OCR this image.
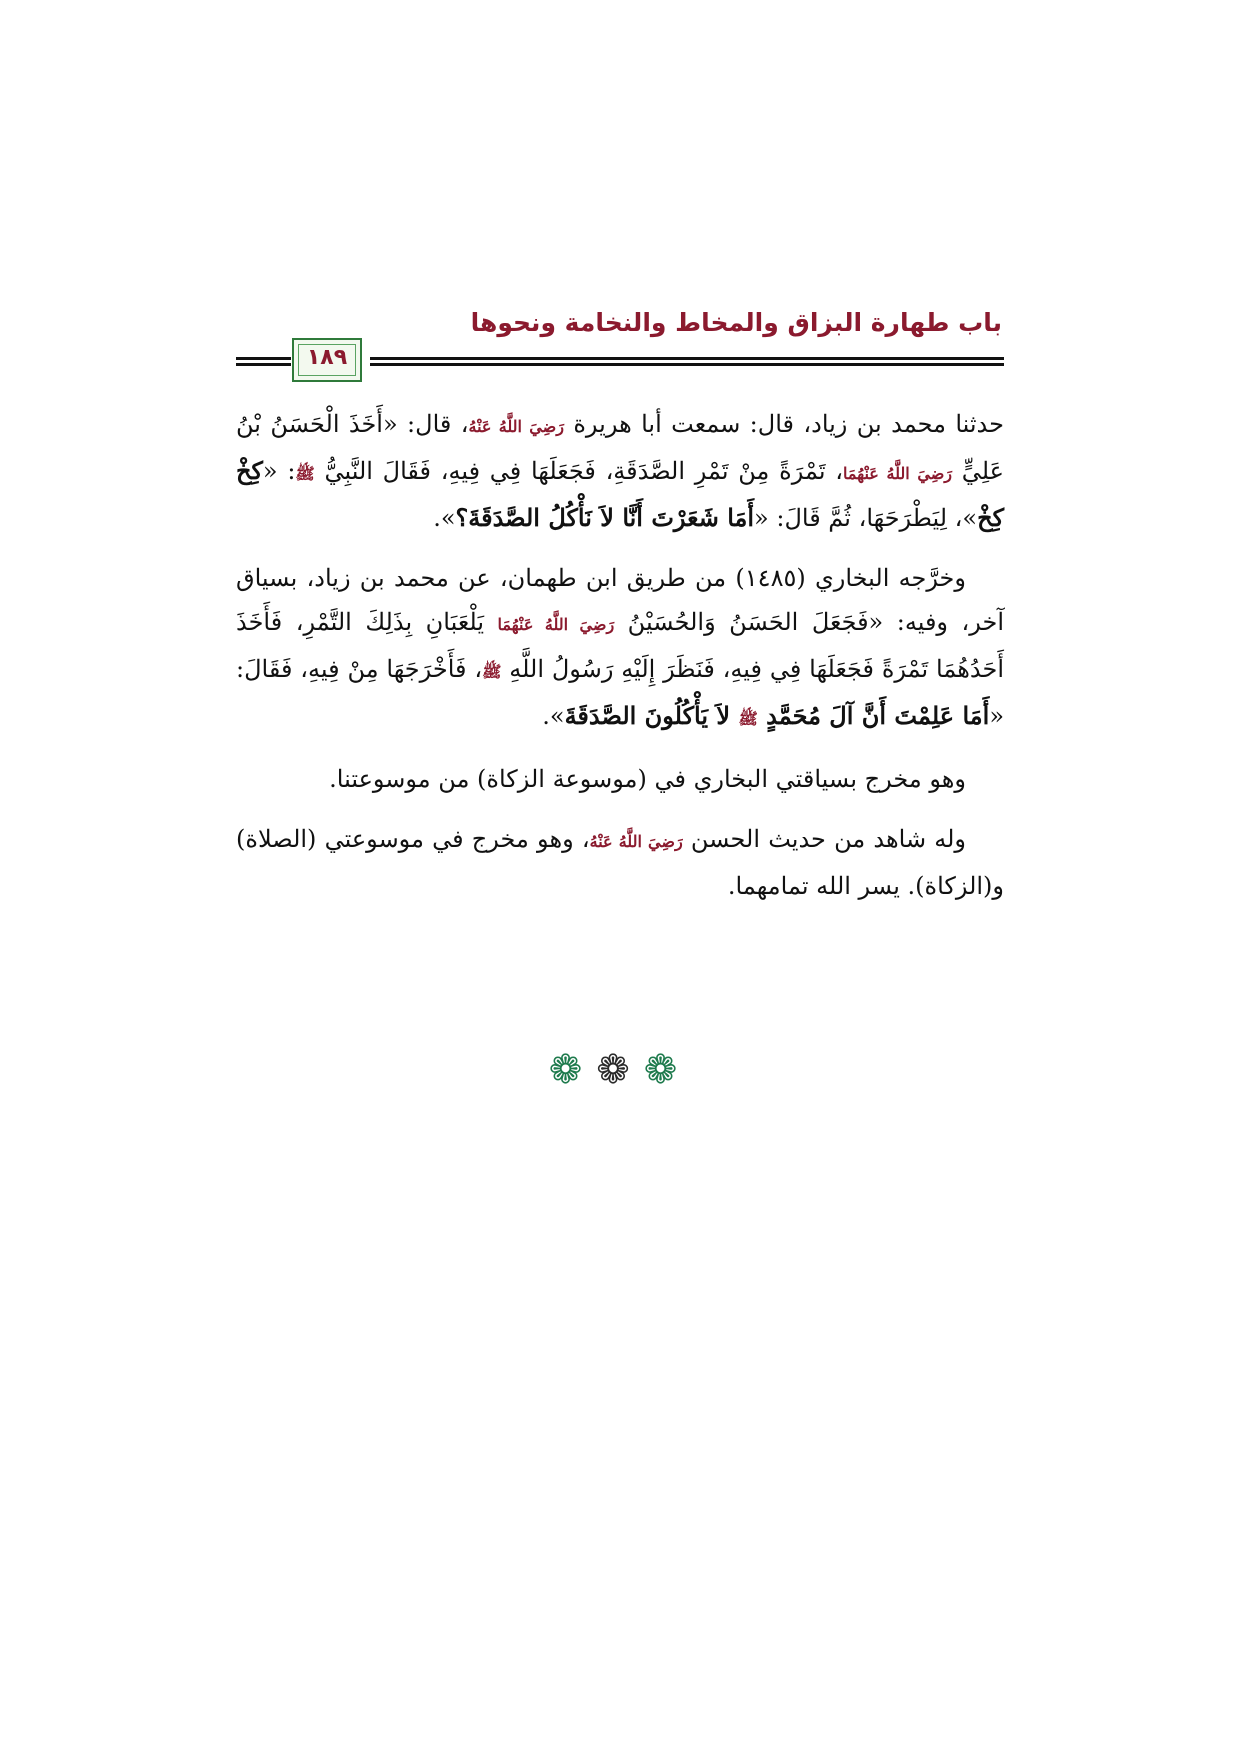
باب طهارة البزاق والمخاط والنخامة ونحوها
١٨٩

حدثنا محمد بن زياد، قال: سمعت أبا هريرة رَضِيَ اللَّهُ عَنْهُ، قال: «أَخَذَ الْحَسَنُ بْنُ عَلِيٍّ رَضِيَ اللَّهُ عَنْهُمَا، تَمْرَةً مِنْ تَمْرِ الصَّدَقَةِ، فَجَعَلَهَا فِي فِيهِ، فَقَالَ النَّبِيُّ ﷺ: «كِخْ كِخْ»، لِيَطْرَحَهَا، ثُمَّ قَالَ: «أَمَا شَعَرْتَ أَنَّا لاَ نَأْكُلُ الصَّدَقَةَ؟».

وخرَّجه البخاري (١٤٨٥) من طريق ابن طهمان، عن محمد بن زياد، بسياق آخر، وفيه: «فَجَعَلَ الحَسَنُ وَالحُسَيْنُ رَضِيَ اللَّهُ عَنْهُمَا يَلْعَبَانِ بِذَلِكَ التَّمْرِ، فَأَخَذَ أَحَدُهُمَا تَمْرَةً فَجَعَلَهَا فِي فِيهِ، فَنَظَرَ إِلَيْهِ رَسُولُ اللَّهِ ﷺ، فَأَخْرَجَهَا مِنْ فِيهِ، فَقَالَ: «أَمَا عَلِمْتَ أَنَّ آلَ مُحَمَّدٍ ﷺ لاَ يَأْكُلُونَ الصَّدَقَةَ».

وهو مخرج بسياقتي البخاري في (موسوعة الزكاة) من موسوعتنا.

وله شاهد من حديث الحسن رَضِيَ اللَّهُ عَنْهُ، وهو مخرج في موسوعتي (الصلاة) و(الزكاة). يسر الله تمامهما.

❁❁❁
